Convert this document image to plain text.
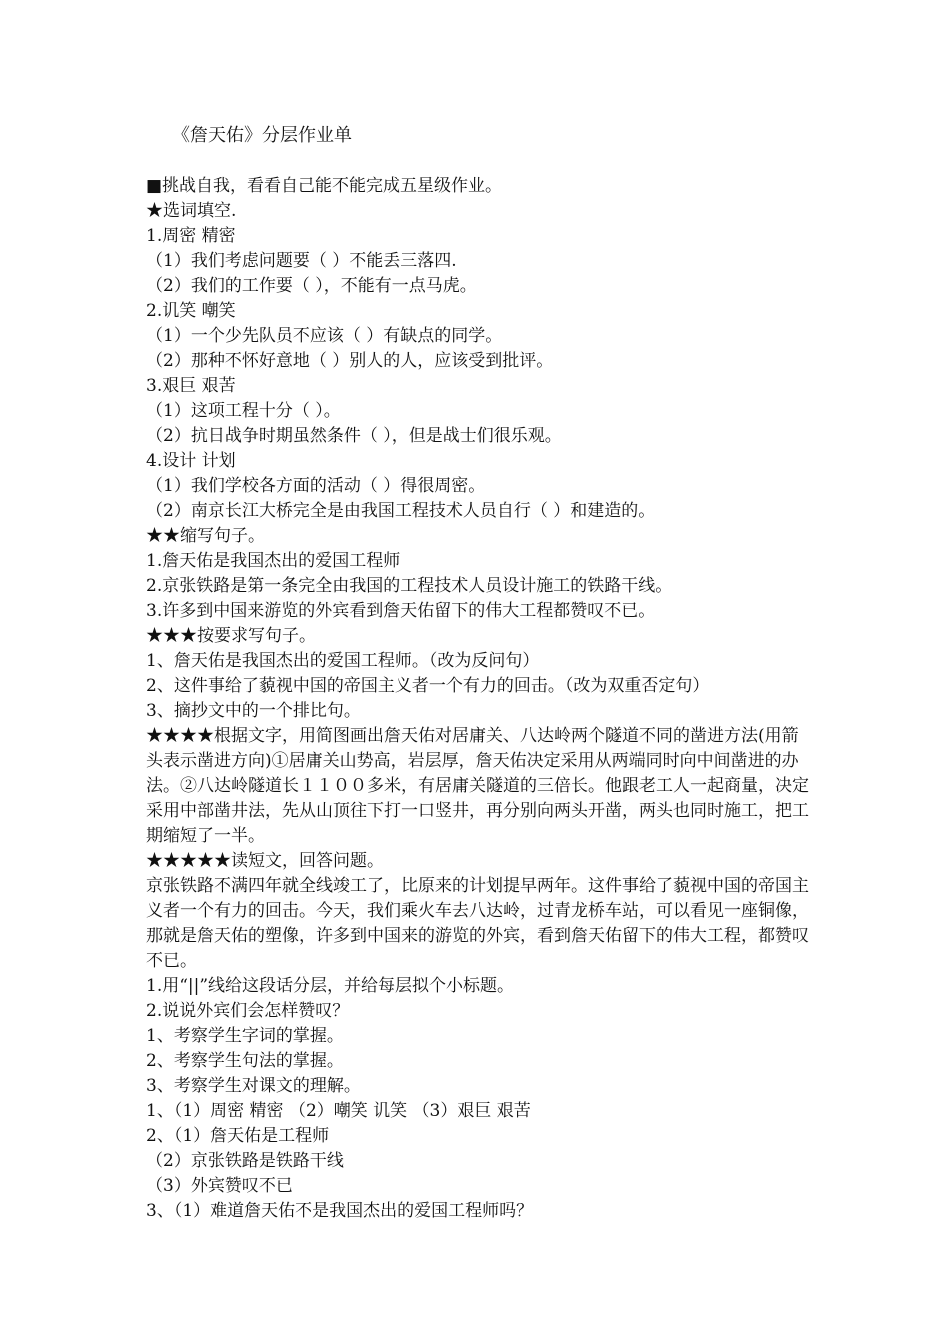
《詹天佑》分层作业单
■挑战自我，看看自己能不能完成五星级作业。
★选词填空.
1.周密 精密
（1）我们考虑问题要（ ）不能丢三落四.
（2）我们的工作要（ ），不能有一点马虎。
2.讥笑 嘲笑
（1）一个少先队员不应该（ ）有缺点的同学。
（2）那种不怀好意地（ ）别人的人，应该受到批评。
3.艰巨 艰苦
（1）这项工程十分（ ）。
（2）抗日战争时期虽然条件（ ），但是战士们很乐观。
4.设计 计划
（1）我们学校各方面的活动（ ）得很周密。
（2）南京长江大桥完全是由我国工程技术人员自行（ ）和建造的。
★★缩写句子。
1.詹天佑是我国杰出的爱国工程师
2.京张铁路是第一条完全由我国的工程技术人员设计施工的铁路干线。
3.许多到中国来游览的外宾看到詹天佑留下的伟大工程都赞叹不已。
★★★按要求写句子。
1、詹天佑是我国杰出的爱国工程师。（改为反问句）
2、这件事给了藐视中国的帝国主义者一个有力的回击。（改为双重否定句）
3、摘抄文中的一个排比句。
★★★★根据文字，用简图画出詹天佑对居庸关、八达岭两个隧道不同的凿进方法(用箭头表示凿进方向)①居庸关山势高，岩层厚，詹天佑决定采用从两端同时向中间凿进的办法。②八达岭隧道长１１００多米，有居庸关隧道的三倍长。他跟老工人一起商量，决定采用中部凿井法，先从山顶往下打一口竖井，再分别向两头开凿，两头也同时施工，把工期缩短了一半。
★★★★★读短文，回答问题。
京张铁路不满四年就全线竣工了，比原来的计划提早两年。这件事给了藐视中国的帝国主义者一个有力的回击。今天，我们乘火车去八达岭，过青龙桥车站，可以看见一座铜像，那就是詹天佑的塑像，许多到中国来的游览的外宾，看到詹天佑留下的伟大工程，都赞叹不已。
1.用“||”线给这段话分层，并给每层拟个小标题。
2.说说外宾们会怎样赞叹？
1、考察学生字词的掌握。
2、考察学生句法的掌握。
3、考察学生对课文的理解。
1、（1）周密 精密 （2）嘲笑 讥笑 （3）艰巨 艰苦
2、（1）詹天佑是工程师
（2）京张铁路是铁路干线
（3）外宾赞叹不已
3、（1）难道詹天佑不是我国杰出的爱国工程师吗？
